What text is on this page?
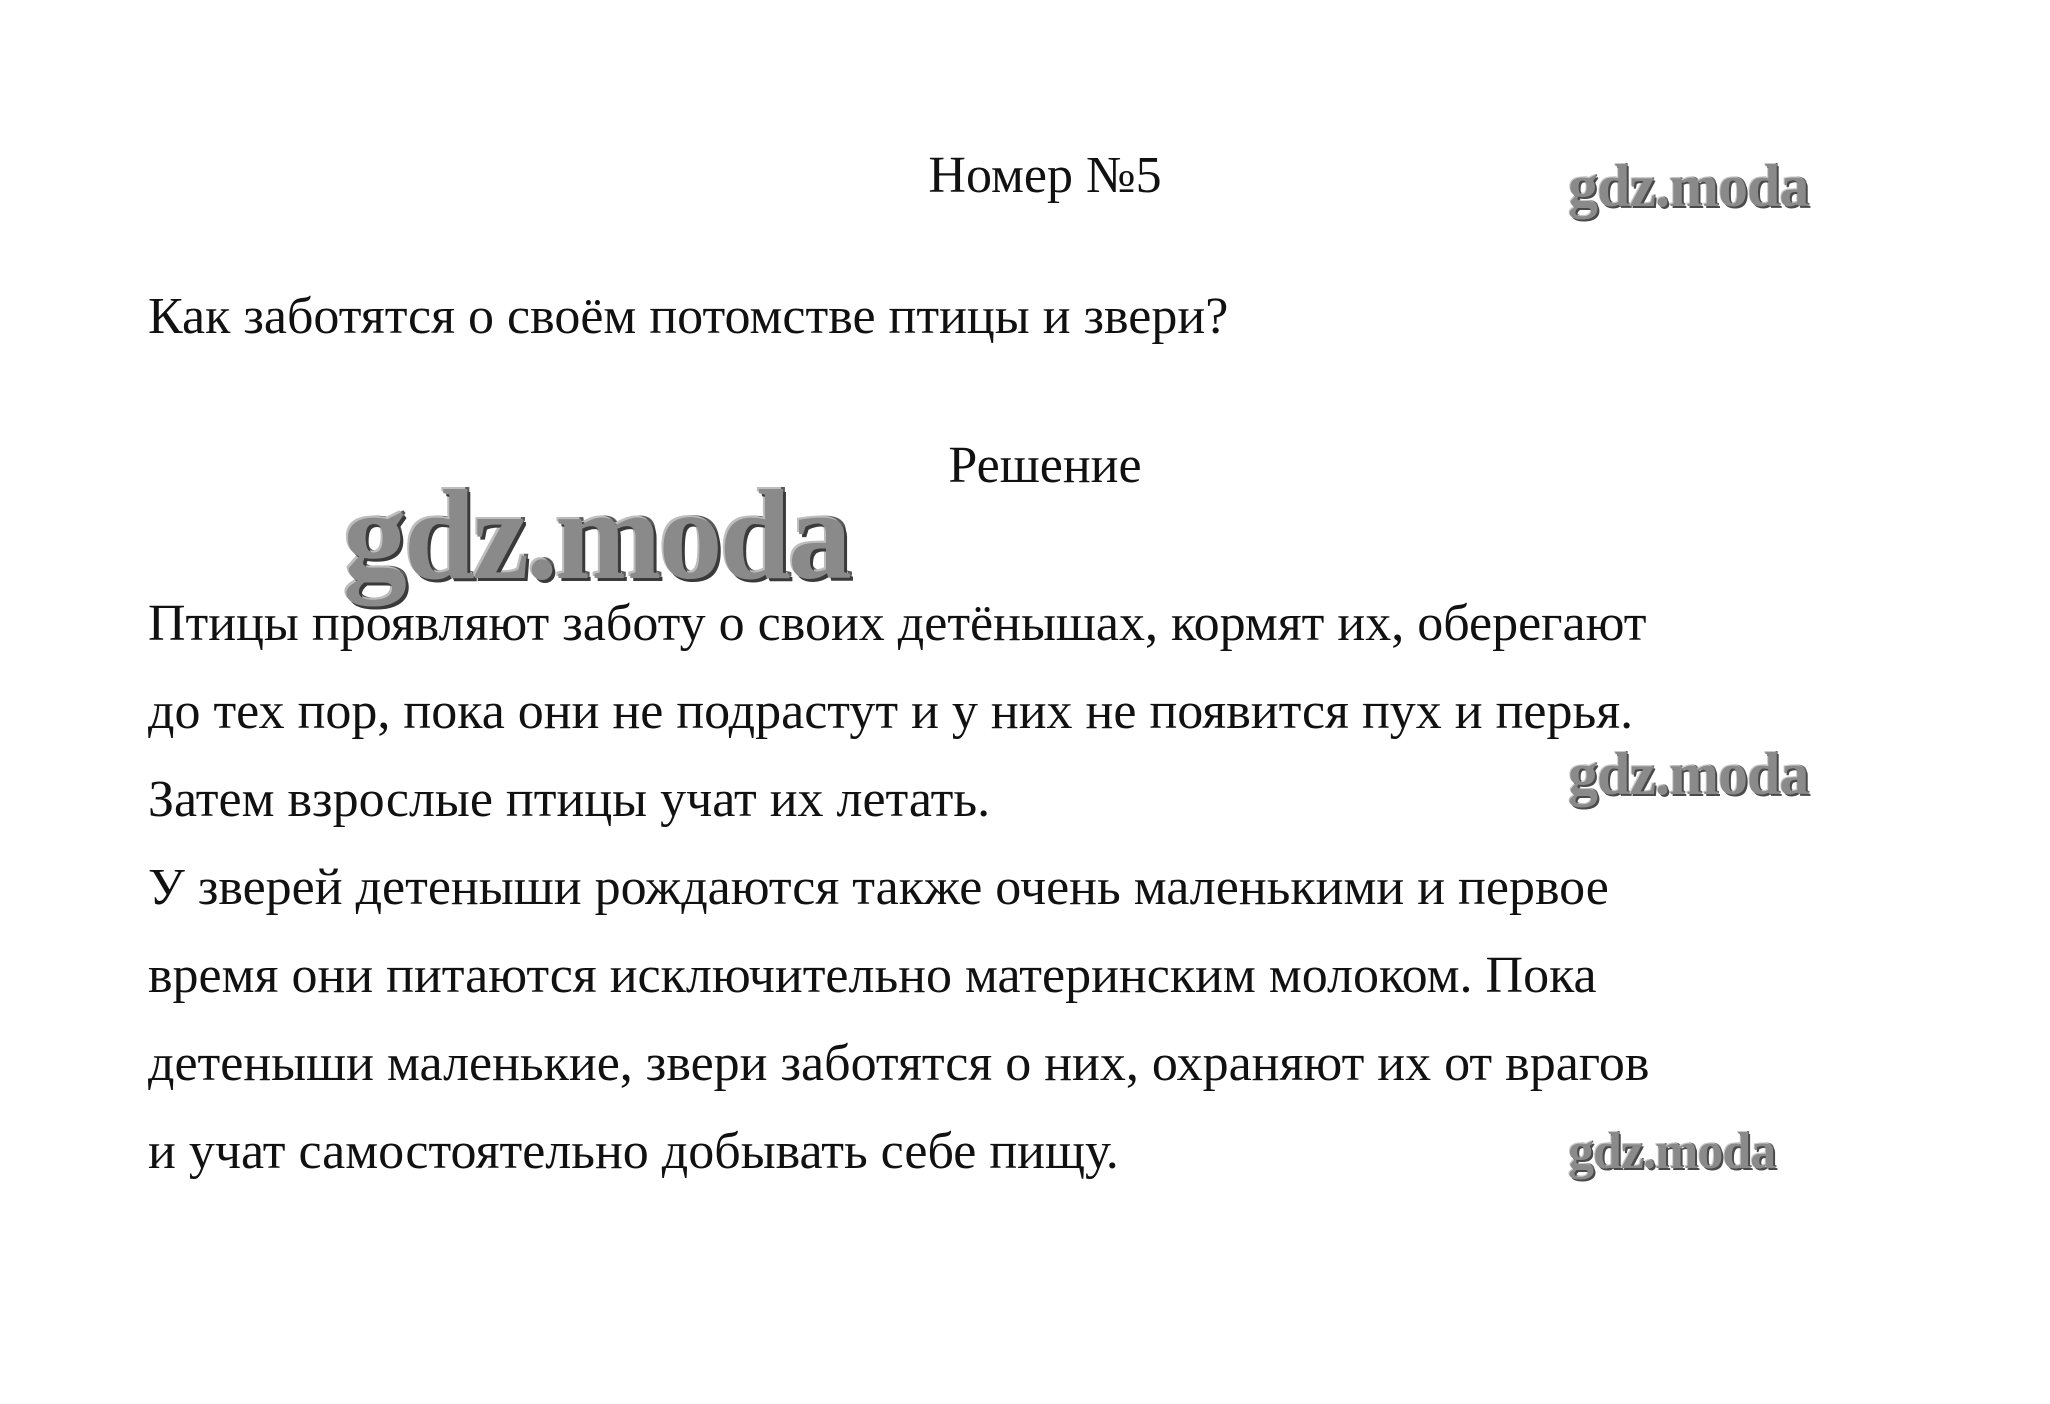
Номер №5	gdz.moda
Как заботятся о своём потомстве птицы и звери?
gdz.moda	Решение
Птицы проявляют заботу о своих детёнышах, кормят их, оберегают
до тех пор, пока они не подрастут и у них не появится пух и перья.
Затем взрослые птицы учат их летать.
У зверей детеныши рождаются также очень маленькими и первое
время они питаются исключительно материнским молоком. Пока
детеныши маленькие, звери заботятся о них, охраняют их от врагов
и учат самостоятельно добывать себе пищу.
gdz.moda
gdz.moda
